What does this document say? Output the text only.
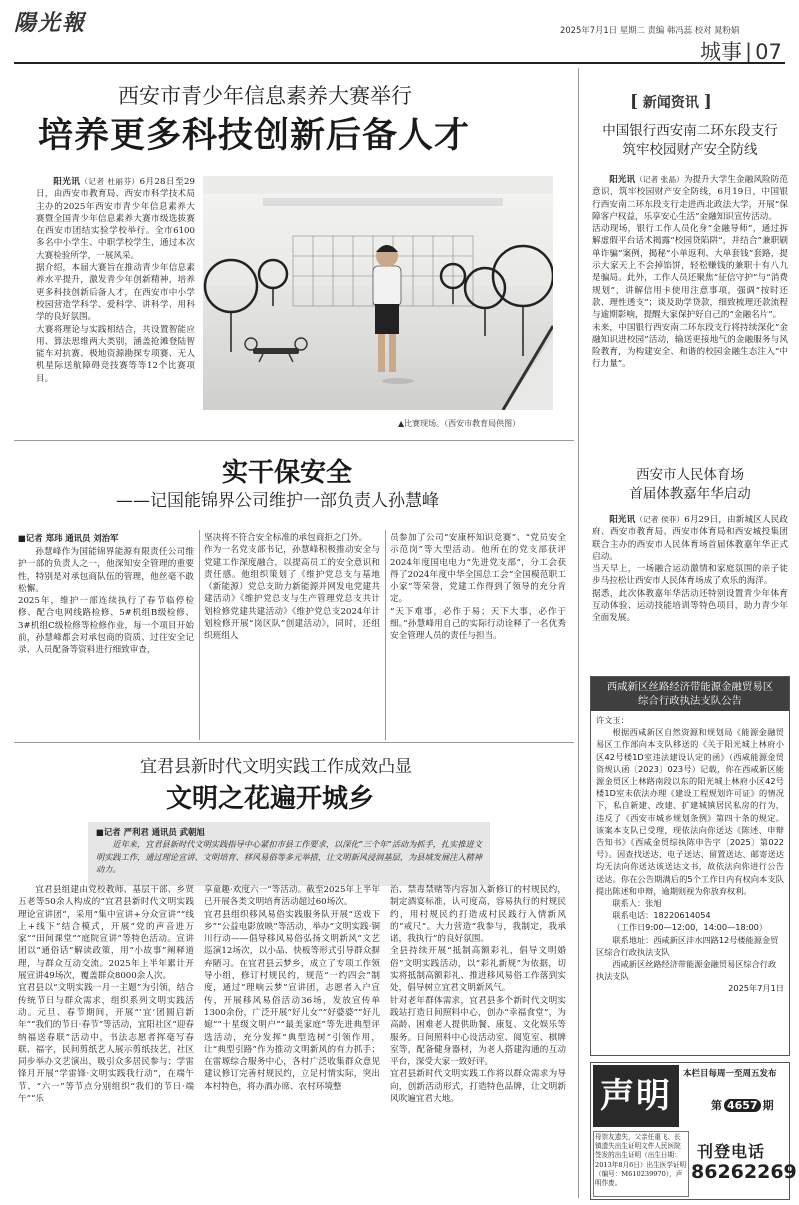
陽光報	2025年7月1日 星期二 责编 韩冯蕊 校对 晁粉娟
城事 | 07
西安市青少年信息素养大赛举行
培养更多科技创新后备人才

阳光讯（记者 杜丽芬）6月28日至29日，由西安市教育局、西安市科学技术局主办的2025年西安市青少年信息素养大赛暨全国青少年信息素养大赛市级选拔赛在西安市团结实验学校举行。全市6100多名中小学生、中职学校学生，通过本次大赛检验所学，一展风采。
据介绍，本届大赛旨在推动青少年信息素养水平提升，激发青少年创新精神，培养更多科技创新后备人才，在西安市中小学校园营造学科学、爱科学、讲科学、用科学的良好氛围。
大赛将理论与实践相结合，共设置智能应用、算法思维两大类别，涵盖抢滩登陆智能车对抗赛、极地资源勘探专项赛、无人机星际送航障碍竞技赛等等12个比赛项目。

▲比赛现场。（西安市教育局供图）
[ 新闻资讯 ]
中国银行西安南二环东段支行
筑牢校园财产安全防线

阳光讯（记者 张晶）为提升大学生金融风险防范意识，筑牢校园财产安全防线，6月19日，中国银行西安南二环东段支行走进西北政法大学，开展“保障客户权益，乐享安心生活”金融知识宣传活动。
活动现场，银行工作人员化身“金融导师”，通过拆解虚假平台话术揭露“校园贷陷阱”，并结合“兼职刷单诈骗”案例，揭秘“小单返利、大单套钱”套路，提示大家天上不会掉馅饼，轻松赚钱的兼职十有八九是骗局。此外，工作人员还聚焦“征信守护”与“消费规划”，讲解信用卡使用注意事项，强调“按时还款、理性透支”；谈及助学贷款，细致梳理还款流程与逾期影响，提醒大家保护好自己的“金融名片”。
未来，中国银行西安南二环东段支行将持续深化“金融知识进校园”活动，输送更接地气的金融服务与风险教育，为构建安全、和谐的校园金融生态注入“中行力量”。

西安市人民体育场
首届体教嘉年华启动

阳光讯（记者 侯菲）6月29日，由新城区人民政府、西安市教育局、西安市体育局和西安城投集团联合主办的西安市人民体育场首届体教嘉年华正式启动。
当天早上，一场融合运动激情和家庭氛围的亲子徒步马拉松让西安市人民体育场成了欢乐的海洋。
据悉，此次体教嘉年华活动还特别设置青少年体育互动体验、运动技能培训等特色项目，助力青少年全面发展。

西咸新区丝路经济带能源金融贸易区
综合行政执法支队公告
许文玉：
根据西咸新区自然资源和规划局《能源金融贸易区工作部向本支队移送的《关于阳光城上林府小区42号楼1D室违法建设认定的函》（西咸能源金贸资规认函〔2023〕023号）记载，你在西咸新区能源金贸区上林路南段以东的阳光城上林府小区42号楼1D室未依法办理《建设工程规划许可证》的情况下，私自新建、改建、扩建城镇居民私房的行为，违反了《西安市城乡规划条例》第四十条的规定。该案本支队已受理，现依法向你送达《陈述、申辩告知书》《西咸金贸综执陈申告字〔2025〕第022号》。因查找送达、电子送达、留置送达、邮寄送达均无法向你送达该送达文书，故依法向你进行公告送达。你在公告期满后的5个工作日内有权向本支队提出陈述和申辩，逾期则视为你放弃权利。
联系人：张旭
联系电话：18220614054
（工作日9:00—12:00，14:00—18:00）
联系地址：西咸新区沣水四路12号楼能源金贸区综合行政执法支队
西咸新区丝路经济带能源金融贸易区综合行政执法支队
2025年7月1日
声明
本栏目每周一至周五发布
第 4657 期
母崇友遗失，父亲任重飞、长镇遗失出生证明文件人民医院签发的出生证明（出生日期：2013年8月6日）出生医学证明（编号：M610239970），声明作废。
刊登电话
86262269
实干保安全
——记国能锦界公司维护一部负责人孙慧峰
■记者 郑玮 通讯员 刘治军

孙慧峰作为国能锦界能源有限责任公司维护一部的负责人之一，他深知安全管理的重要性，特别是对承包商队伍的管理，他丝毫不敢松懈。
2025年，维护一部连续执行了春节临停检修、配合电网线路检修、5#机组B级检修、3#机组C级检修等检修作业，每一个项目开始前，孙慧峰都会对承包商的资质、过往安全记录、人员配备等资料进行细致审查，

坚决将不符合安全标准的承包商拒之门外。
作为一名党支部书记，孙慧峰积极推动安全与党建工作深度融合，以提高员工的安全意识和责任感。他组织策划了《维护党总支与基地（新能源）党总支助力新能源并网发电党建共建活动》《维护党总支与生产管理党总支共计划检修党建共建活动》《维护党总支2024年计划检修开展“岗区队”创建活动》，同时，还组织班组人

员参加了公司“安康杯知识竞赛”、“党员安全示范岗”等大型活动。他所在的党支部获评2024年度国电电力“先进党支部”，分工会获得了2024年度中华全国总工会“全国模范职工小家”等荣誉，党建工作得到了领导的充分肯定。
“天下难事，必作于易；天下大事，必作于细。”孙慧峰用自己的实际行动诠释了一名优秀安全管理人员的责任与担当。

宜君县新时代文明实践工作成效凸显
文明之花遍开城乡
■记者 严利君 通讯员 武朝旭
近年来，宜君县新时代文明实践指导中心紧扣市县工作要求，以深化“三个年”活动为抓手，扎实推进文明实践工作，通过理论宣讲、文明培育、移风易俗等多元举措，让文明新风浸润基层，为县域发展注入精神动力。

宜君县组建由党校教师、基层干部、乡贤五老等50余人构成的“宜君县新时代文明实践理论宣讲团”，采用“集中宣讲+分众宣讲”“线上+线下”结合模式，开展“党的声音进万家”“田间课堂”“庭院宣讲”等特色活动。宣讲团以“通俗话”解读政策，用“小故事”阐释道理，与群众互动交流。2025年上半年累计开展宣讲49场次，覆盖群众8000余人次。
宜君县以“文明实践一月一主题”为引领，结合传统节日与群众需求，组织系列文明实践活动。元旦、春节期间，开展“‘宜’团圆启新年”“我们的节日·春节”等活动，宜阳社区“迎春纳福送春联”活动中，书法志愿者挥毫写春联、福字，民间剪纸艺人展示剪纸技艺，社区同步举办文艺演出，吸引众多居民参与；学雷锋月开展“学雷锋·文明实践我行动”，在端午节、“六一”等节点分别组织“我们的节日·端午”“乐

享童趣·欢度六一”等活动。截至2025年上半年已开展各类文明培育活动超过60场次。
宜君县组织移风易俗实践服务队开展“送戏下乡”“公益电影放映”等活动，举办“文明实践·铜川行动——倡导移风易俗弘扬文明新风”文艺巡演12场次，以小品、快板等形式引导群众摒弃陋习。在宜君县云梦乡，成立了专项工作领导小组，修订村规民约，规范“一约四会”制度，通过“理响云梦”宣讲团，志愿者入户宣传，开展移风易俗活动36场，发放宣传单1300余份，广泛开展“好儿女”“好婆婆”“好儿媳”“十星级文明户”“最美家庭”等先进典型评选活动，充分发挥“典型选树”引领作用，让“典型引路”作为推动文明新风的有力抓手；在雷塬综合服务中心，各村广泛收集群众意见建议修订完善村规民约，立足村情实际，突出本村特色，将办酒办席、农村环境整

治、禁毒禁赌等内容加入新修订的村规民约，制定酒宴标准，认可度高，容易执行的村规民约，用村规民约打造成村民践行入情新风的“戒尺”。大力营造“我参与，我制定，我承诺，我执行”的良好氛围。
全县持续开展“抵制高额彩礼，倡导文明婚俗”文明实践活动，以“彩礼新规”为依据，切实将抵制高额彩礼、推进移风易俗工作落到实处，倡导树立宜君文明新风气。
针对老年群体需求，宜君县多个新时代文明实践站打造日间照料中心，创办“幸福食堂”，为高龄、困难老人提供助餐、康复、文化娱乐等服务。日间照料中心设活动室、阅览室、棋牌室等，配备健身器材，为老人搭建沟通的互动平台，深受大家一致好评。
宜君县新时代文明实践工作将以群众需求为导向，创新活动形式，打造特色品牌，让文明新风吹遍宜君大地。
